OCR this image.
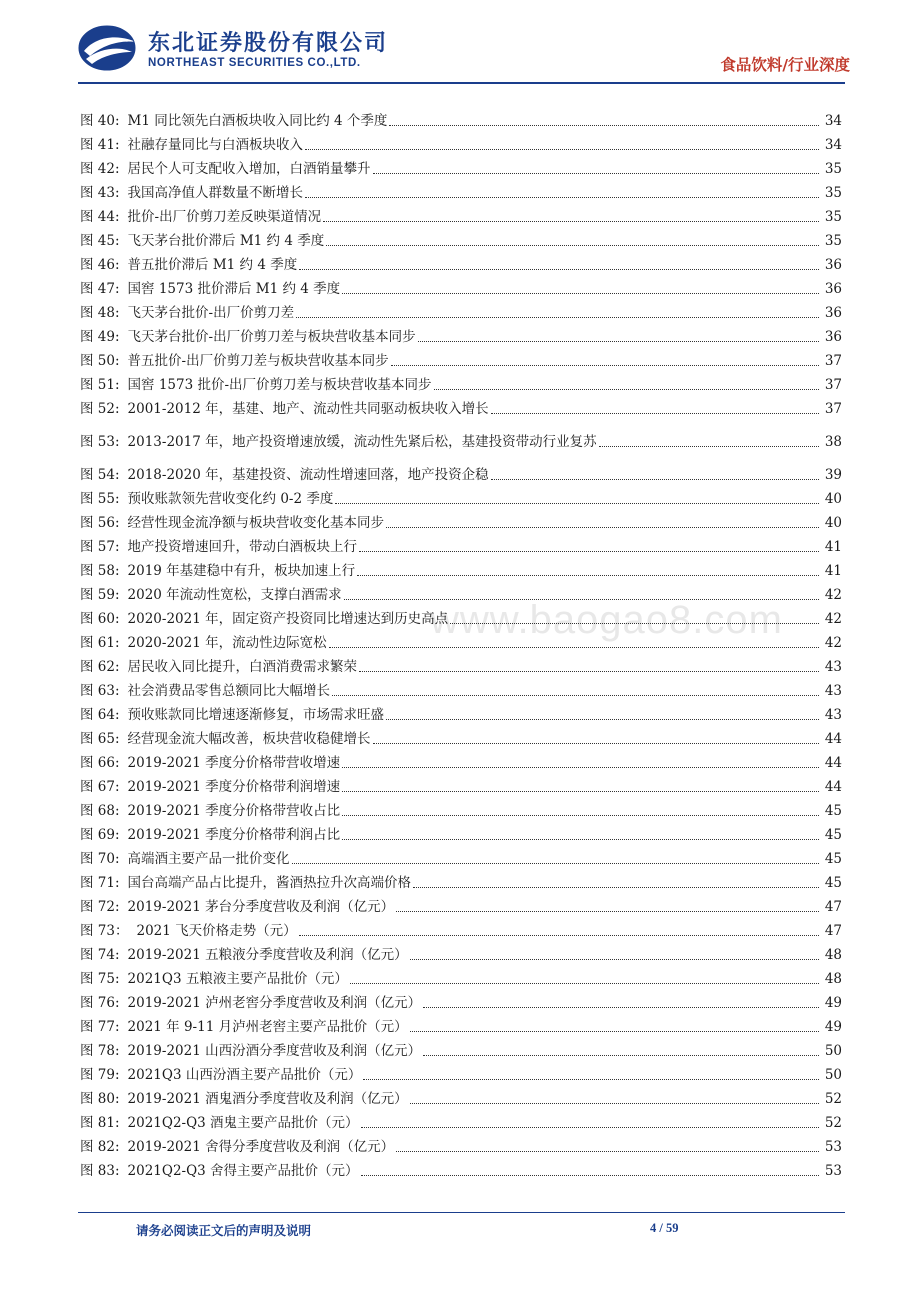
东北证券股份有限公司
NORTHEAST SECURITIES CO.,LTD.	食品饮料/行业深度
www.baogao8.com
图 40: M1 同比领先白酒板块收入同比约 4 个季度	34
图 41: 社融存量同比与白酒板块收入	34
图 42: 居民个人可支配收入增加，白酒销量攀升	35
图 43: 我国高净值人群数量不断增长	35
图 44: 批价-出厂价剪刀差反映渠道情况	35
图 45: 飞天茅台批价滞后 M1 约 4 季度	35
图 46: 普五批价滞后 M1 约 4 季度	36
图 47: 国窖 1573 批价滞后 M1 约 4 季度	36
图 48: 飞天茅台批价-出厂价剪刀差	36
图 49: 飞天茅台批价-出厂价剪刀差与板块营收基本同步	36
图 50: 普五批价-出厂价剪刀差与板块营收基本同步	37
图 51: 国窖 1573 批价-出厂价剪刀差与板块营收基本同步	37
图 52: 2001-2012 年，基建、地产、流动性共同驱动板块收入增长	37
图 53: 2013-2017 年，地产投资增速放缓，流动性先紧后松，基建投资带动行业复苏	38
图 54: 2018-2020 年，基建投资、流动性增速回落，地产投资企稳	39
图 55: 预收账款领先营收变化约 0-2 季度	40
图 56: 经营性现金流净额与板块营收变化基本同步	40
图 57: 地产投资增速回升，带动白酒板块上行	41
图 58: 2019 年基建稳中有升，板块加速上行	41
图 59: 2020 年流动性宽松，支撑白酒需求	42
图 60: 2020-2021 年，固定资产投资同比增速达到历史高点	42
图 61: 2020-2021 年，流动性边际宽松	42
图 62: 居民收入同比提升，白酒消费需求繁荣	43
图 63: 社会消费品零售总额同比大幅增长	43
图 64: 预收账款同比增速逐渐修复，市场需求旺盛	43
图 65: 经营现金流大幅改善，板块营收稳健增长	44
图 66: 2019-2021 季度分价格带营收增速	44
图 67: 2019-2021 季度分价格带利润增速	44
图 68: 2019-2021 季度分价格带营收占比	45
图 69: 2019-2021 季度分价格带利润占比	45
图 70: 高端酒主要产品一批价变化	45
图 71: 国台高端产品占比提升，酱酒热拉升次高端价格	45
图 72: 2019-2021 茅台分季度营收及利润（亿元）	47
图 73： 2021 飞天价格走势（元）	47
图 74: 2019-2021 五粮液分季度营收及利润（亿元）	48
图 75: 2021Q3 五粮液主要产品批价（元）	48
图 76: 2019-2021 泸州老窖分季度营收及利润（亿元）	49
图 77: 2021 年 9-11 月泸州老窖主要产品批价（元）	49
图 78: 2019-2021 山西汾酒分季度营收及利润（亿元）	50
图 79: 2021Q3 山西汾酒主要产品批价（元）	50
图 80: 2019-2021 酒鬼酒分季度营收及利润（亿元）	52
图 81: 2021Q2-Q3 酒鬼主要产品批价（元）	52
图 82: 2019-2021 舍得分季度营收及利润（亿元）	53
图 83: 2021Q2-Q3 舍得主要产品批价（元）	53
请务必阅读正文后的声明及说明	4 / 59
